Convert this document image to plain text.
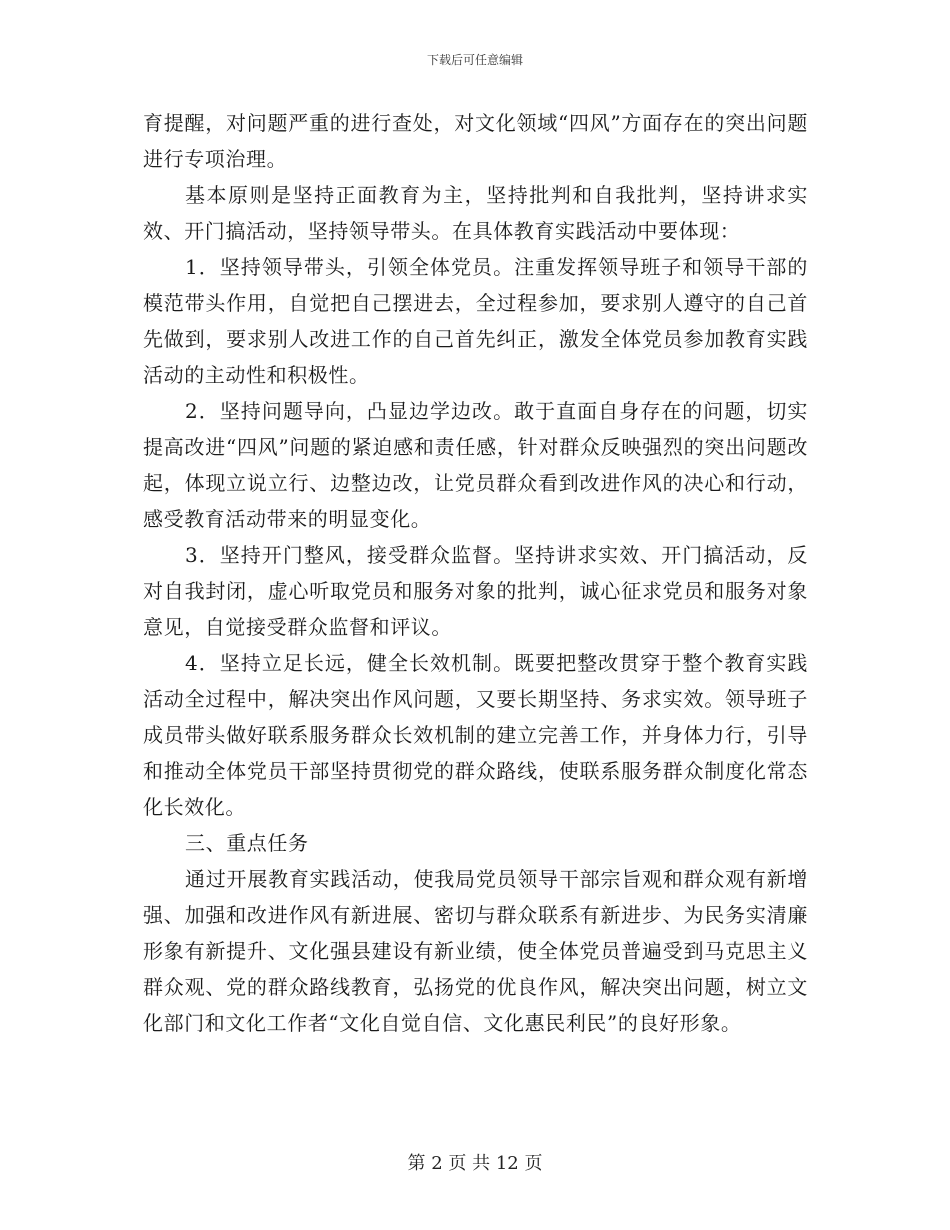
下载后可任意编辑

育提醒，对问题严重的进行查处，对文化领域“四风”方面存在的突出问题进行专项治理。

基本原则是坚持正面教育为主，坚持批判和自我批判，坚持讲求实效、开门搞活动，坚持领导带头。在具体教育实践活动中要体现：

1．坚持领导带头，引领全体党员。注重发挥领导班子和领导干部的模范带头作用，自觉把自己摆进去，全过程参加，要求别人遵守的自己首先做到，要求别人改进工作的自己首先纠正，激发全体党员参加教育实践活动的主动性和积极性。

2．坚持问题导向，凸显边学边改。敢于直面自身存在的问题，切实提高改进“四风”问题的紧迫感和责任感，针对群众反映强烈的突出问题改起，体现立说立行、边整边改，让党员群众看到改进作风的决心和行动，感受教育活动带来的明显变化。

3．坚持开门整风，接受群众监督。坚持讲求实效、开门搞活动，反对自我封闭，虚心听取党员和服务对象的批判，诚心征求党员和服务对象意见，自觉接受群众监督和评议。

4．坚持立足长远，健全长效机制。既要把整改贯穿于整个教育实践活动全过程中，解决突出作风问题，又要长期坚持、务求实效。领导班子成员带头做好联系服务群众长效机制的建立完善工作，并身体力行，引导和推动全体党员干部坚持贯彻党的群众路线，使联系服务群众制度化常态化长效化。

三、重点任务

通过开展教育实践活动，使我局党员领导干部宗旨观和群众观有新增强、加强和改进作风有新进展、密切与群众联系有新进步、为民务实清廉形象有新提升、文化强县建设有新业绩，使全体党员普遍受到马克思主义群众观、党的群众路线教育，弘扬党的优良作风，解决突出问题，树立文化部门和文化工作者“文化自觉自信、文化惠民利民”的良好形象。

第 2 页 共 12 页
